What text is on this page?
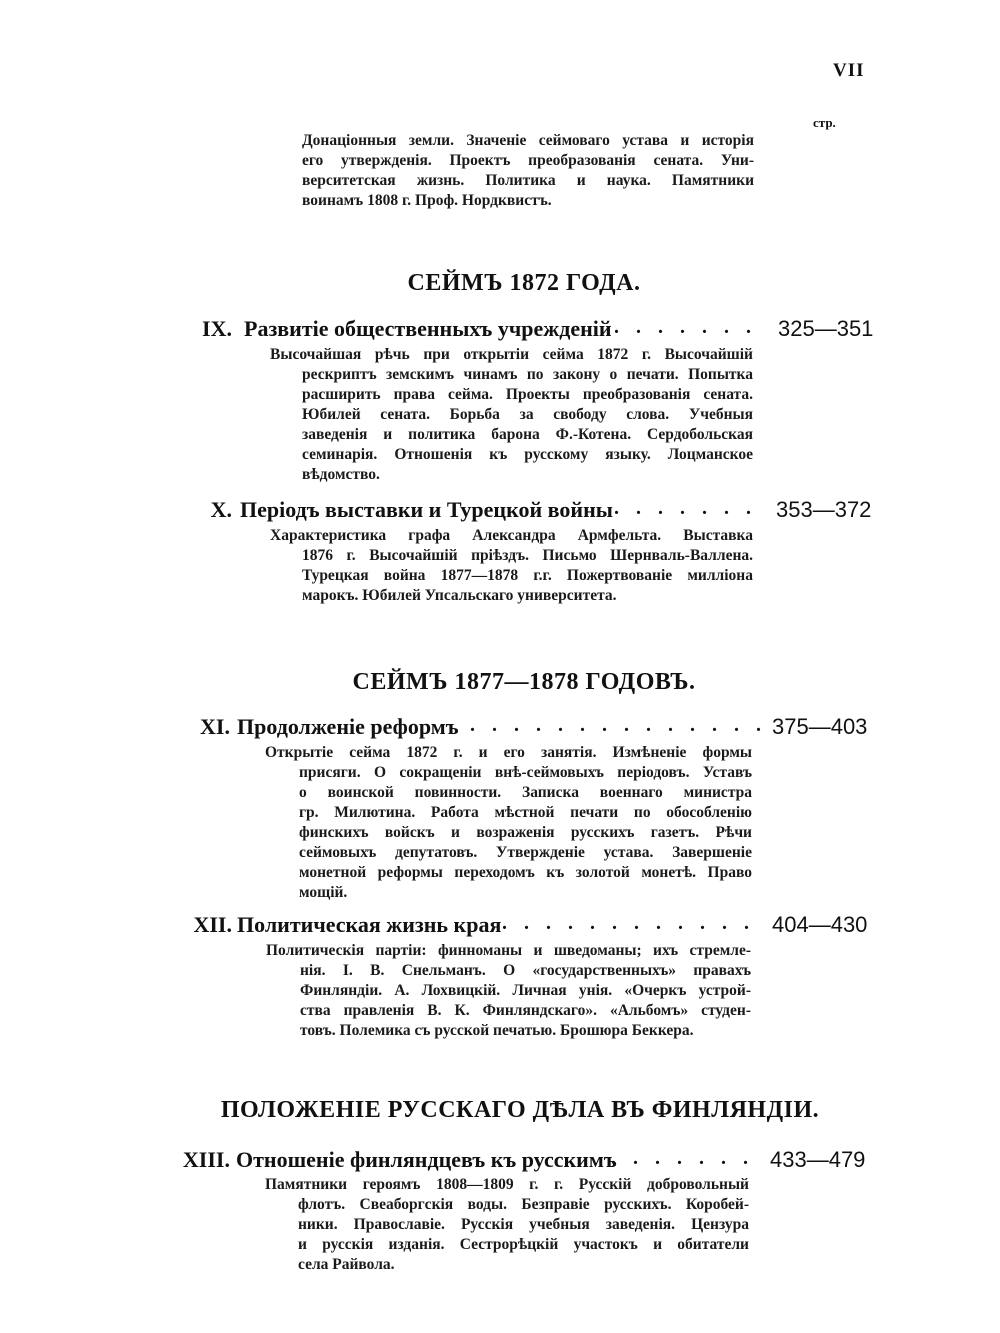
VII
стр.
Донаціонныя земли. Значеніе сеймоваго устава и исторія
его утвержденія. Проектъ преобразованія сената. Уни-
верситетская жизнь. Политика и наука. Памятники
воинамъ 1808 г. Проф. Нордквистъ.
СЕЙМЪ 1872 ГОДА.
IX. Развитіе общественныхъ учрежденій . . . . . . . 325—351
Высочайшая рѣчь при открытіи сейма 1872 г. Высочайшій
рескриптъ земскимъ чинамъ по закону о печати. Попытка
расширить права сейма. Проекты преобразованія сената.
Юбилей сената. Борьба за свободу слова. Учебныя
заведенія и политика барона Ф.-Котена. Сердобольская
семинарія. Отношенія къ русскому языку. Лоцманское
вѣдомство.
X. Періодъ выставки и Турецкой войны . . . . . . . 353—372
Характеристика графа Александра Армфельта. Выставка
1876 г. Высочайшій пріѣздъ. Письмо Шернваль-Валлена.
Турецкая война 1877—1878 г.г. Пожертвованіе милліона
марокъ. Юбилей Упсальскаго университета.
СЕЙМЪ 1877—1878 ГОДОВЪ.
XI. Продолженіе реформъ . . . . . . . . . . . . . . 375—403
Открытіе сейма 1872 г. и его занятія. Измѣненіе формы
присяги. О сокращеніи внѣ-сеймовыхъ періодовъ. Уставъ
о воинской повинности. Записка военнаго министра
гр. Милютина. Работа мѣстной печати по обособленію
финскихъ войскъ и возраженія русскихъ газетъ. Рѣчи
сеймовыхъ депутатовъ. Утвержденіе устава. Завершеніе
монетной реформы переходомъ къ золотой монетѣ. Право
мощій.
XII. Политическая жизнь края . . . . . . . . . . . . 404—430
Политическія партіи: финноманы и шведоманы; ихъ стремле-
нія. І. В. Снельманъ. О «государственныхъ» правахъ
Финляндіи. А. Лохвицкій. Личная унія. «Очеркъ устрой-
ства правленія В. К. Финляндскаго». «Альбомъ» студен-
товъ. Полемика съ русской печатью. Брошюра Беккера.
ПОЛОЖЕНІЕ РУССКАГО ДѢЛА ВЪ ФИНЛЯНДІИ.
XIII. Отношеніе финляндцевъ къ русскимъ
. . . . . . . 433—479
Памятники героямъ 1808—1809 г. г. Русскій добровольный
флотъ. Свеаборгскія воды. Безправіе русскихъ. Коробей-
ники. Православіе. Русскія учебныя заведенія. Цензура
и русскія изданія. Сестрорѣцкій участокъ и обитатели
села Райвола.
